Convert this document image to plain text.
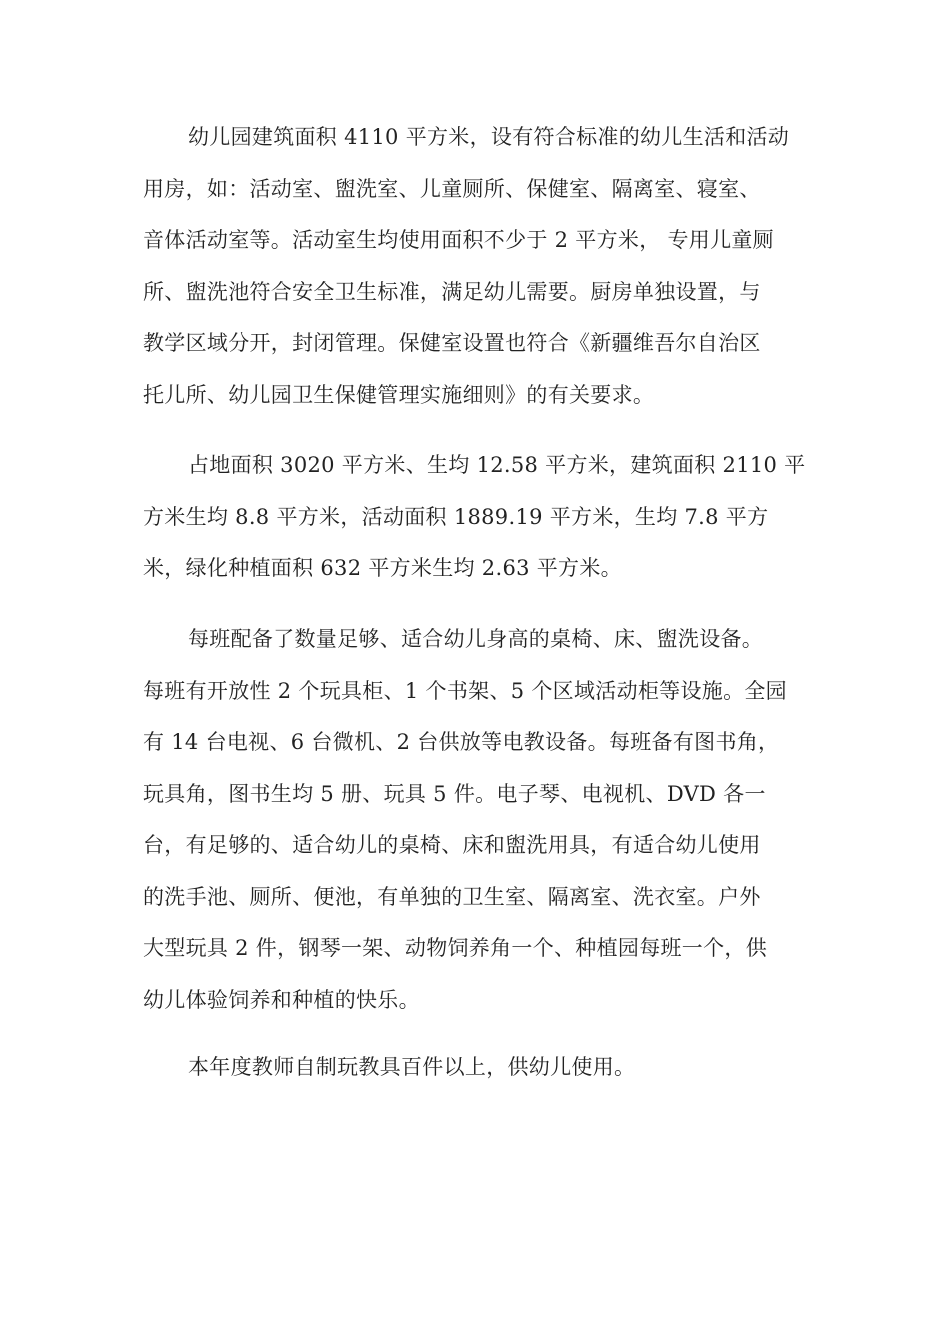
幼儿园建筑面积 4110 平方米，设有符合标准的幼儿生活和活动
用房，如：活动室、盥洗室、儿童厕所、保健室、隔离室、寝室、
音体活动室等。活动室生均使用面积不少于 2 平方米， 专用儿童厕
所、盥洗池符合安全卫生标准，满足幼儿需要。厨房单独设置，与
教学区域分开，封闭管理。保健室设置也符合《新疆维吾尔自治区
托儿所、幼儿园卫生保健管理实施细则》的有关要求。

占地面积 3020 平方米、生均 12.58 平方米，建筑面积 2110 平
方米生均 8.8 平方米，活动面积 1889.19 平方米，生均 7.8 平方
米，绿化种植面积 632 平方米生均 2.63 平方米。

每班配备了数量足够、适合幼儿身高的桌椅、床、盥洗设备。
每班有开放性 2 个玩具柜、1 个书架、5 个区域活动柜等设施。全园
有 14 台电视、6 台微机、2 台供放等电教设备。每班备有图书角，
玩具角，图书生均 5 册、玩具 5 件。电子琴、电视机、DVD 各一
台，有足够的、适合幼儿的桌椅、床和盥洗用具，有适合幼儿使用
的洗手池、厕所、便池，有单独的卫生室、隔离室、洗衣室。户外
大型玩具 2 件，钢琴一架、动物饲养角一个、种植园每班一个，供
幼儿体验饲养和种植的快乐。

本年度教师自制玩教具百件以上，供幼儿使用。
